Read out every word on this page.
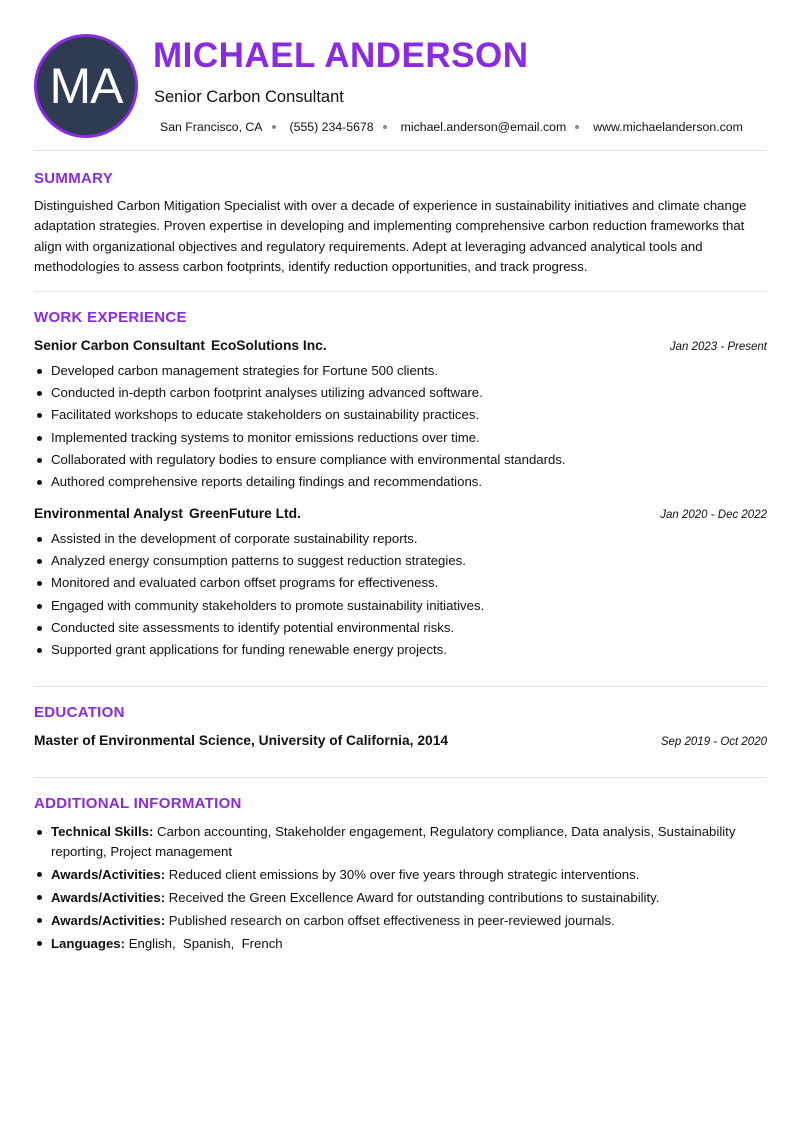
MA
MICHAEL ANDERSON
Senior Carbon Consultant
San Francisco, CA (555) 234-5678 michael.anderson@email.com www.michaelanderson.com
SUMMARY
Distinguished Carbon Mitigation Specialist with over a decade of experience in sustainability initiatives and climate change adaptation strategies. Proven expertise in developing and implementing comprehensive carbon reduction frameworks that align with organizational objectives and regulatory requirements. Adept at leveraging advanced analytical tools and methodologies to assess carbon footprints, identify reduction opportunities, and track progress.
WORK EXPERIENCE
Senior Carbon Consultant EcoSolutions Inc.	Jan 2023 - Present
Developed carbon management strategies for Fortune 500 clients.
Conducted in-depth carbon footprint analyses utilizing advanced software.
Facilitated workshops to educate stakeholders on sustainability practices.
Implemented tracking systems to monitor emissions reductions over time.
Collaborated with regulatory bodies to ensure compliance with environmental standards.
Authored comprehensive reports detailing findings and recommendations.
Environmental Analyst GreenFuture Ltd.	Jan 2020 - Dec 2022
Assisted in the development of corporate sustainability reports.
Analyzed energy consumption patterns to suggest reduction strategies.
Monitored and evaluated carbon offset programs for effectiveness.
Engaged with community stakeholders to promote sustainability initiatives.
Conducted site assessments to identify potential environmental risks.
Supported grant applications for funding renewable energy projects.
EDUCATION
Master of Environmental Science, University of California, 2014	Sep 2019 - Oct 2020
ADDITIONAL INFORMATION
Technical Skills: Carbon accounting, Stakeholder engagement, Regulatory compliance, Data analysis, Sustainability reporting, Project management
Awards/Activities: Reduced client emissions by 30% over five years through strategic interventions.
Awards/Activities: Received the Green Excellence Award for outstanding contributions to sustainability.
Awards/Activities: Published research on carbon offset effectiveness in peer-reviewed journals.
Languages: English,  Spanish,  French
